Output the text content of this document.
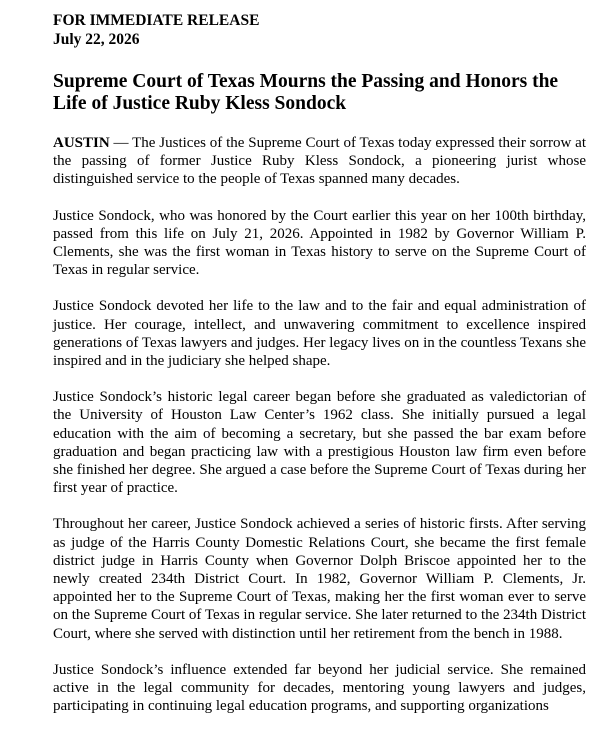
FOR IMMEDIATE RELEASE

July 22, 2026

Supreme Court of Texas Mourns the Passing and Honors the Life of Justice Ruby Kless Sondock

AUSTIN — The Justices of the Supreme Court of Texas today expressed their sorrow at the passing of former Justice Ruby Kless Sondock, a pioneering jurist whose distinguished service to the people of Texas spanned many decades.

Justice Sondock, who was honored by the Court earlier this year on her 100th birthday, passed from this life on July 21, 2026. Appointed in 1982 by Governor William P. Clements, she was the first woman in Texas history to serve on the Supreme Court of Texas in regular service.

Justice Sondock devoted her life to the law and to the fair and equal administration of justice. Her courage, intellect, and unwavering commitment to excellence inspired generations of Texas lawyers and judges. Her legacy lives on in the countless Texans she inspired and in the judiciary she helped shape.

Justice Sondock’s historic legal career began before she graduated as valedictorian of the University of Houston Law Center’s 1962 class. She initially pursued a legal education with the aim of becoming a secretary, but she passed the bar exam before graduation and began practicing law with a prestigious Houston law firm even before she finished her degree. She argued a case before the Supreme Court of Texas during her first year of practice.

Throughout her career, Justice Sondock achieved a series of historic firsts. After serving as judge of the Harris County Domestic Relations Court, she became the first female district judge in Harris County when Governor Dolph Briscoe appointed her to the newly created 234th District Court. In 1982, Governor William P. Clements, Jr. appointed her to the Supreme Court of Texas, making her the first woman ever to serve on the Supreme Court of Texas in regular service. She later returned to the 234th District Court, where she served with distinction until her retirement from the bench in 1988.

Justice Sondock’s influence extended far beyond her judicial service. She remained active in the legal community for decades, mentoring young lawyers and judges, participating in continuing legal education programs, and supporting organizations
